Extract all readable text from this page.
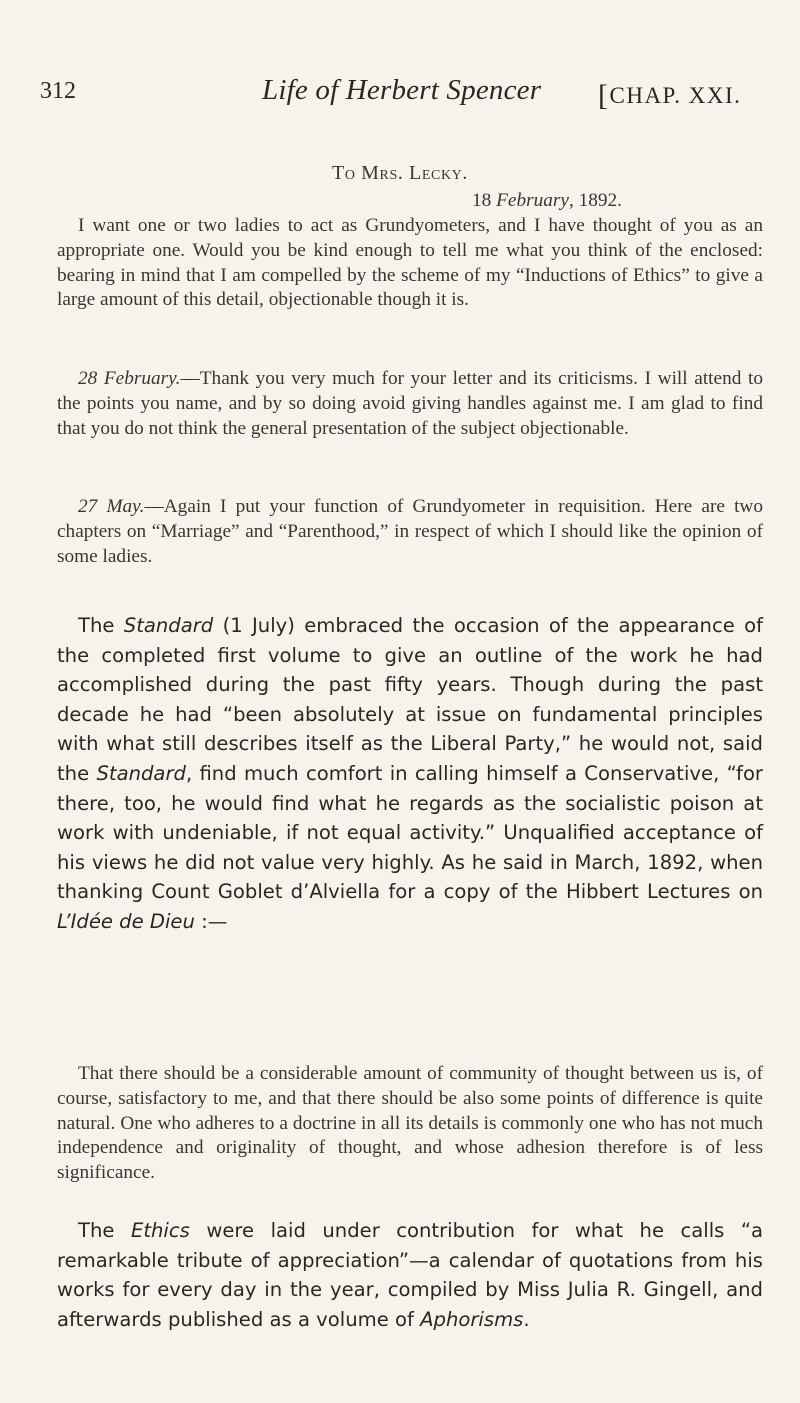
312	Life of Herbert Spencer [CHAP. XXI.
To Mrs. Lecky.
18 February, 1892.

I want one or two ladies to act as Grundyometers, and I have thought of you as an appropriate one. Would you be kind enough to tell me what you think of the enclosed: bearing in mind that I am compelled by the scheme of my “Inductions of Ethics” to give a large amount of this detail, objectionable though it is.

28 February.—Thank you very much for your letter and its criticisms. I will attend to the points you name, and by so doing avoid giving handles against me. I am glad to find that you do not think the general presentation of the subject objectionable.

27 May.—Again I put your function of Grundyometer in requisition. Here are two chapters on “Marriage” and “Parenthood,” in respect of which I should like the opinion of some ladies.

The Standard (1 July) embraced the occasion of the appearance of the completed first volume to give an outline of the work he had accomplished during the past fifty years. Though during the past decade he had “been absolutely at issue on fundamental principles with what still describes itself as the Liberal Party,” he would not, said the Standard, find much comfort in calling himself a Conservative, “for there, too, he would find what he regards as the socialistic poison at work with undeniable, if not equal activity.” Unqualified acceptance of his views he did not value very highly. As he said in March, 1892, when thanking Count Goblet d’Alviella for a copy of the Hibbert Lectures on L’Idée de Dieu :—

That there should be a considerable amount of community of thought between us is, of course, satisfactory to me, and that there should be also some points of difference is quite natural. One who adheres to a doctrine in all its details is commonly one who has not much independence and originality of thought, and whose adhesion therefore is of less significance.

The Ethics were laid under contribution for what he calls “a remarkable tribute of appreciation”—a calendar of quotations from his works for every day in the year, compiled by Miss Julia R. Gingell, and afterwards published as a volume of Aphorisms.
